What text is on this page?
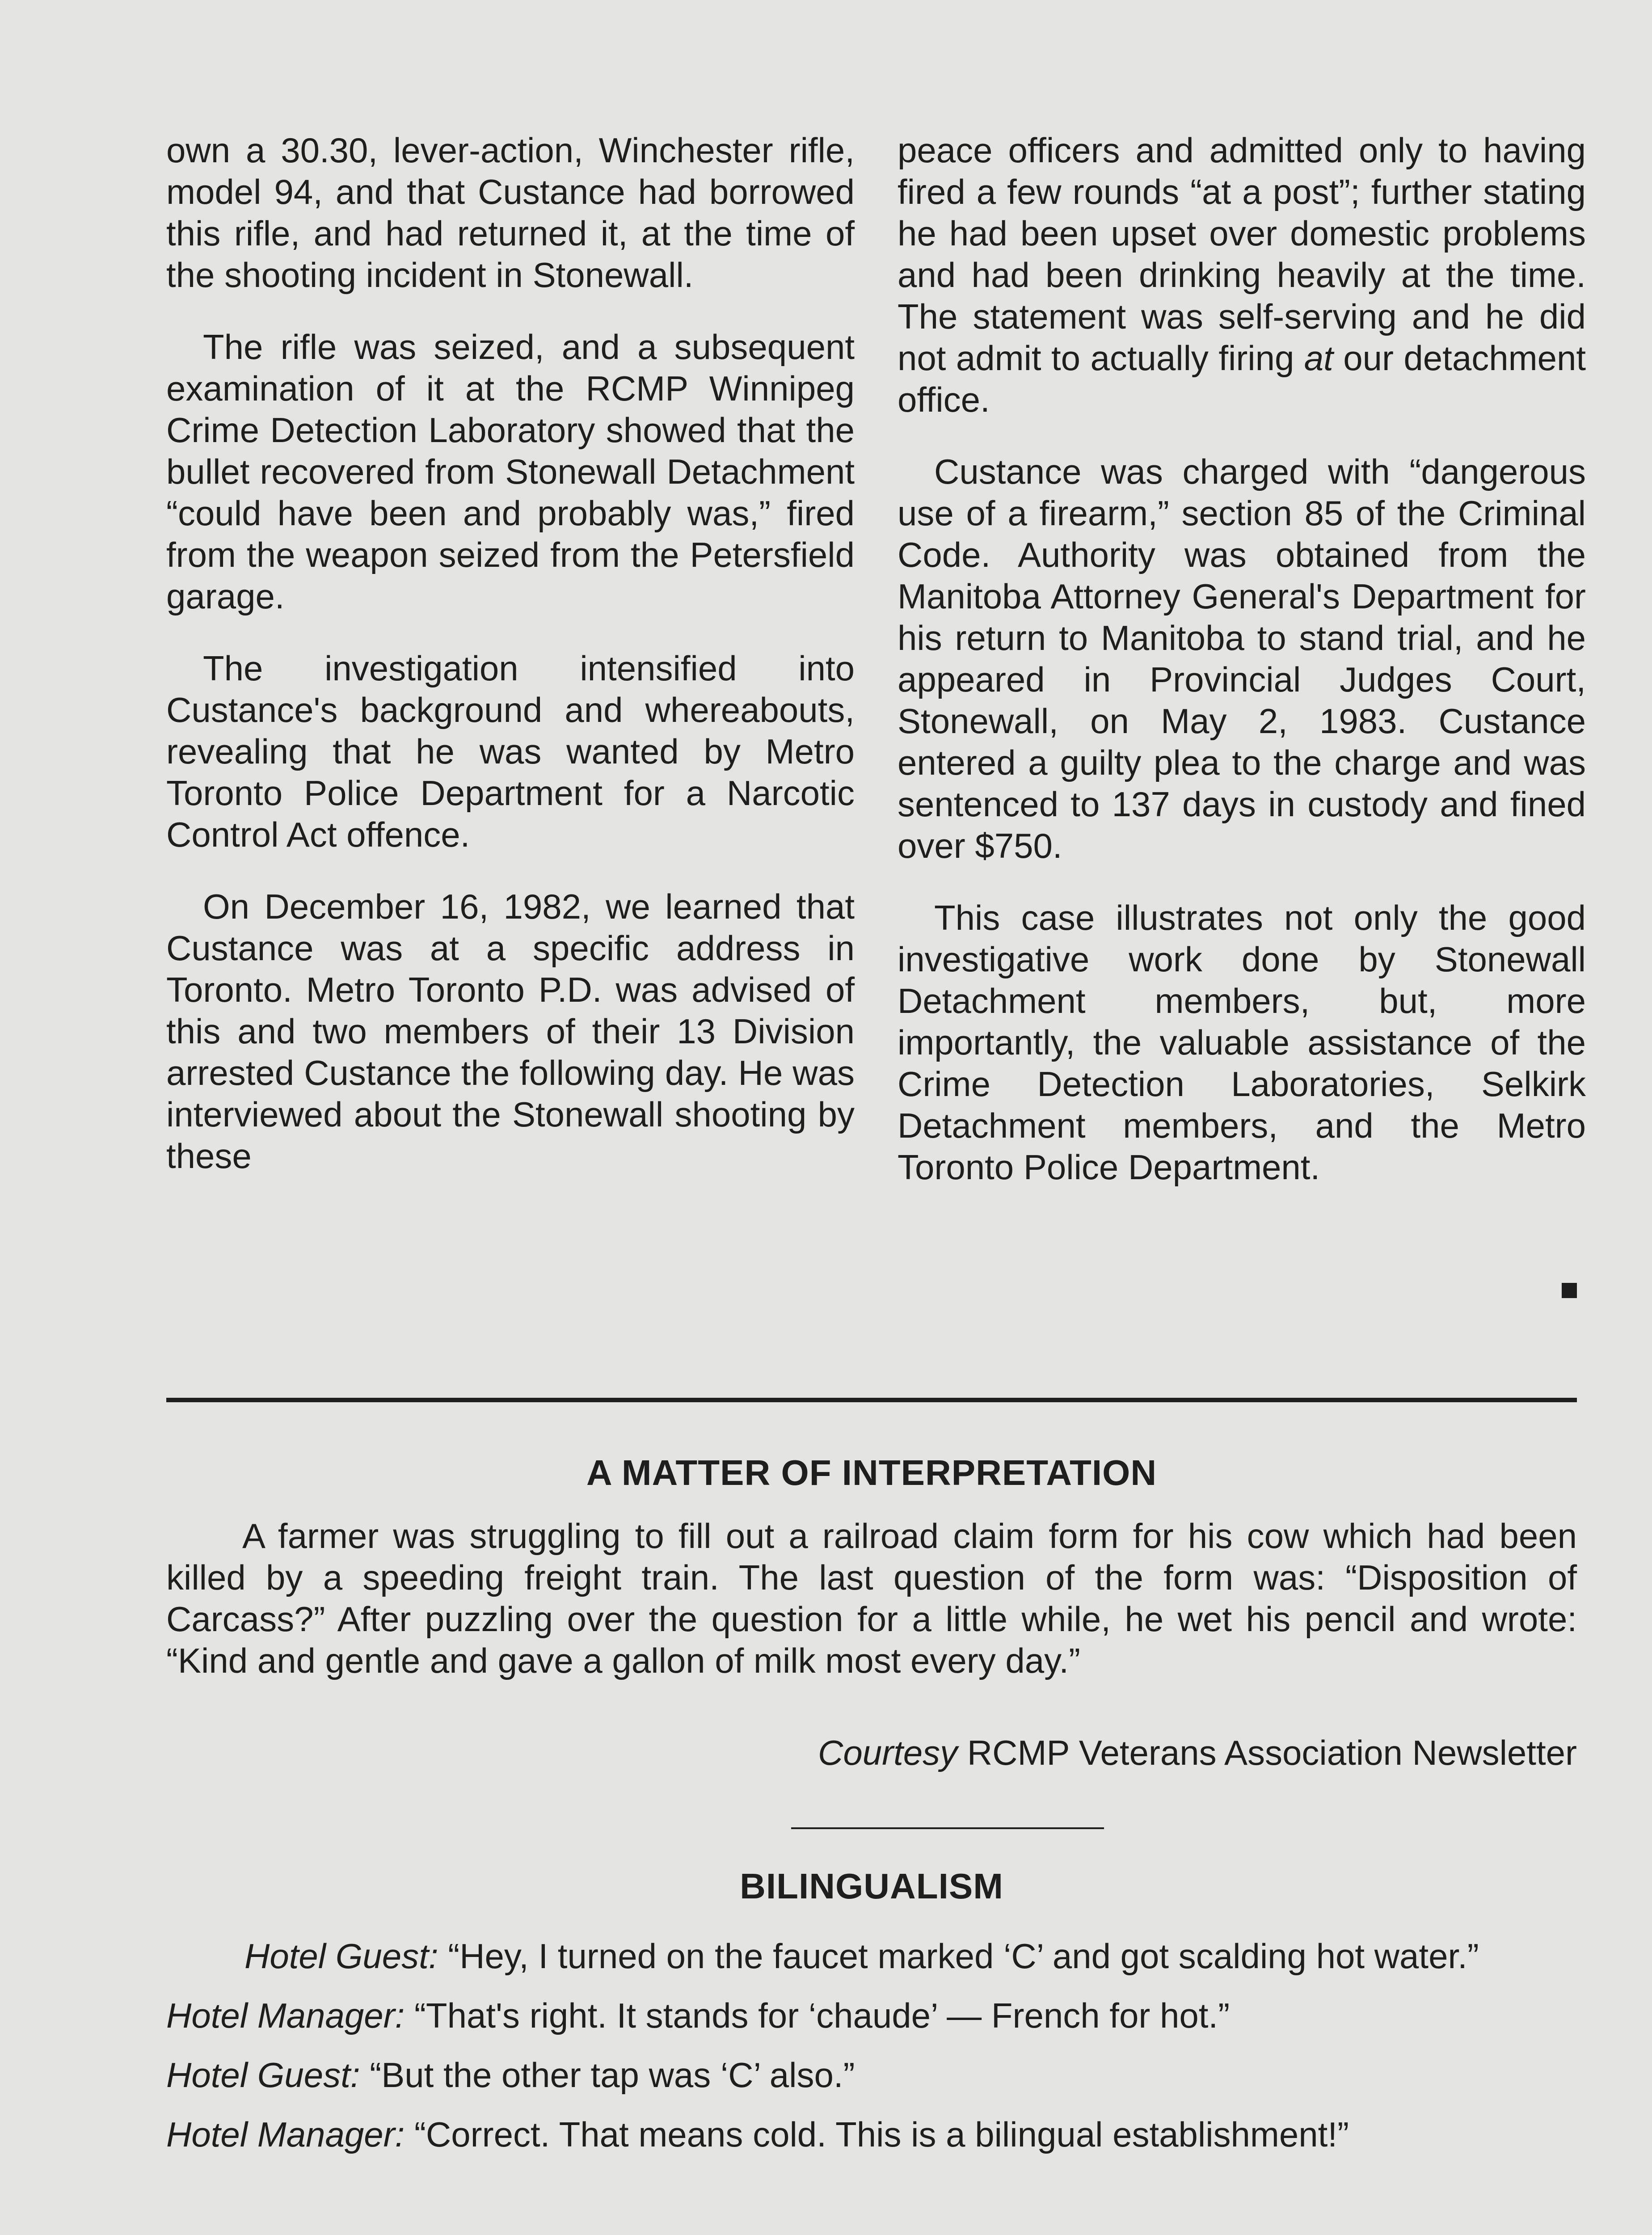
own a 30.30, lever-action, Winchester rifle, model 94, and that Custance had borrowed this rifle, and had returned it, at the time of the shooting incident in Stonewall.

The rifle was seized, and a subsequent examination of it at the RCMP Winnipeg Crime Detection Laboratory showed that the bullet recovered from Stonewall Detachment “could have been and probably was,” fired from the weapon seized from the Petersfield garage.

The investigation intensified into Custance's background and whereabouts, revealing that he was wanted by Metro Toronto Police Department for a Narcotic Control Act offence.

On December 16, 1982, we learned that Custance was at a specific address in Toronto. Metro Toronto P.D. was advised of this and two members of their 13 Division arrested Custance the following day. He was interviewed about the Stonewall shooting by these

peace officers and admitted only to having fired a few rounds “at a post”; further stating he had been upset over domestic problems and had been drinking heavily at the time. The statement was self-serving and he did not admit to actually firing at our detachment office.

Custance was charged with “dangerous use of a firearm,” section 85 of the Criminal Code. Authority was obtained from the Manitoba Attorney General's Department for his return to Manitoba to stand trial, and he appeared in Provincial Judges Court, Stonewall, on May 2, 1983. Custance entered a guilty plea to the charge and was sentenced to 137 days in custody and fined over $750.

This case illustrates not only the good investigative work done by Stonewall Detachment members, but, more importantly, the valuable assistance of the Crime Detection Laboratories, Selkirk Detachment members, and the Metro Toronto Police Department.

A MATTER OF INTERPRETATION

A farmer was struggling to fill out a railroad claim form for his cow which had been killed by a speeding freight train. The last question of the form was: “Disposition of Carcass?” After puzzling over the question for a little while, he wet his pencil and wrote: “Kind and gentle and gave a gallon of milk most every day.”

Courtesy RCMP Veterans Association Newsletter
BILINGUALISM

Hotel Guest: “Hey, I turned on the faucet marked ‘C’ and got scalding hot water.”

Hotel Manager: “That's right. It stands for ‘chaude’ — French for hot.”

Hotel Guest: “But the other tap was ‘C’ also.”

Hotel Manager: “Correct. That means cold. This is a bilingual establishment!”
